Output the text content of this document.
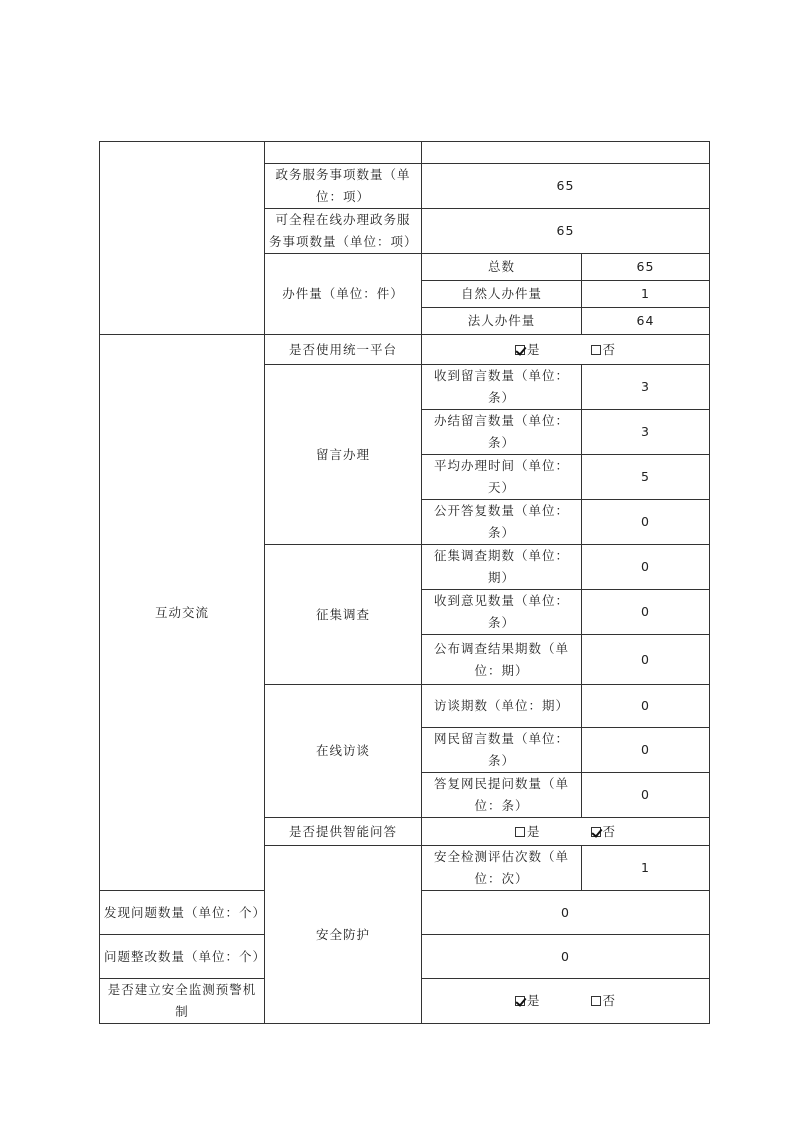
	政务服务事项数量（单位：项）	65	
	可全程在线办理政务服务事项数量（单位：项）	65	
	办件量（单位：件）	总数	65
		自然人办件量	1
		法人办件量	64
互动交流	是否使用统一平台	是 否	

	留言办理	收到留言数量（单位：条）	3
		办结留言数量（单位：条）	3
		平均办理时间（单位：天）	5
		公开答复数量（单位：条）	0
	征集调查	征集调查期数（单位：期）	0
		收到意见数量（单位：条）	0
		公布调查结果期数（单位：期）	0
	在线访谈	访谈期数（单位：期）	0
		网民留言数量（单位：条）	0
		答复网民提问数量（单位：条）	0
	是否提供智能问答	是 否	

	安全防护	安全检测评估次数（单位：次）	1
发现问题数量（单位：个）		0	
问题整改数量（单位：个）		0	
是否建立安全监测预警机制		是 否	
